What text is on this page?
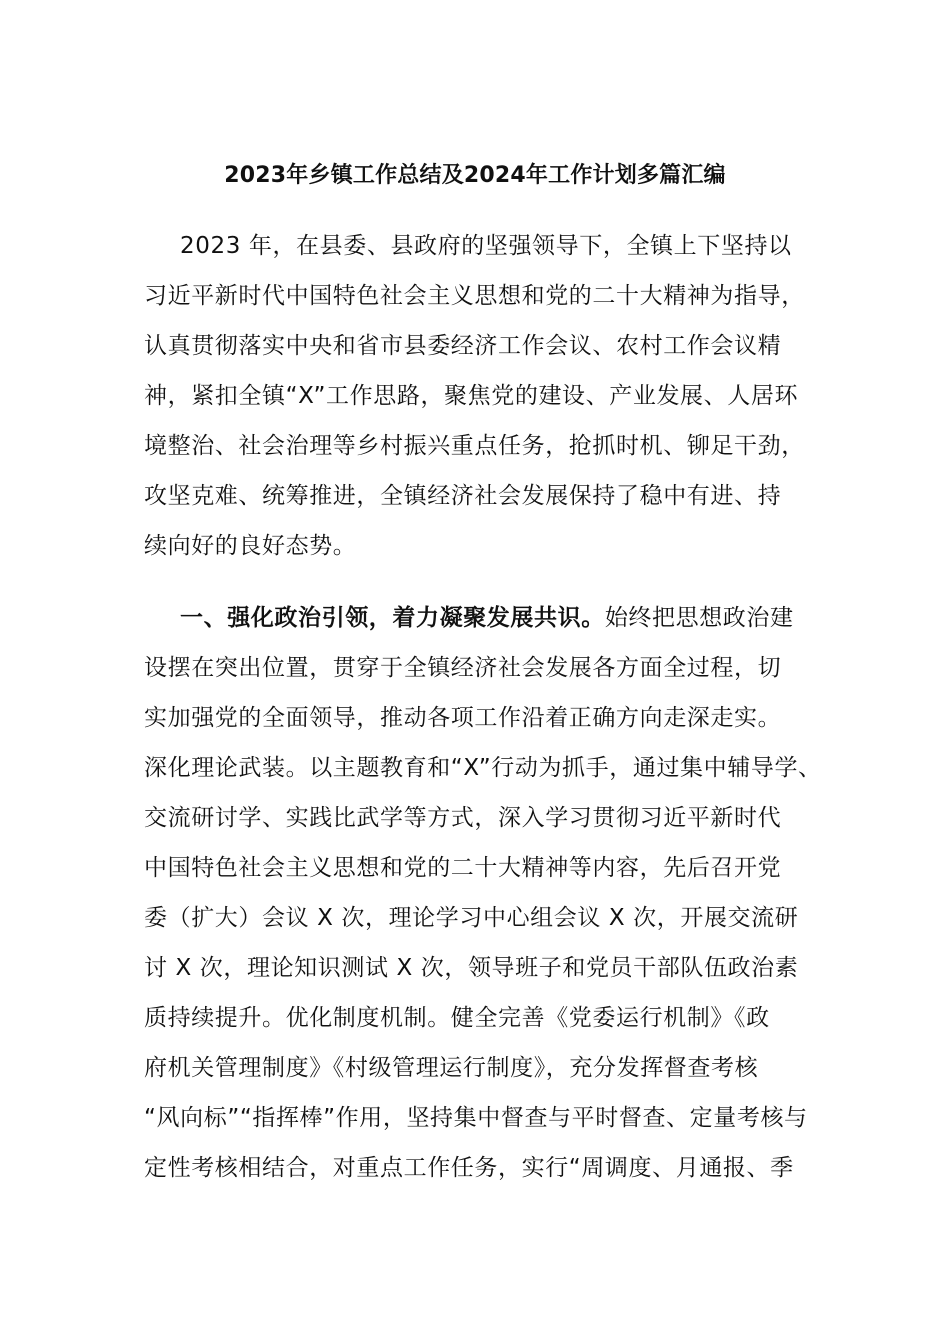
2023年乡镇工作总结及2024年工作计划多篇汇编
2023 年，在县委、县政府的坚强领导下，全镇上下坚持以
习近平新时代中国特色社会主义思想和党的二十大精神为指导，
认真贯彻落实中央和省市县委经济工作会议、农村工作会议精
神，紧扣全镇“X”工作思路，聚焦党的建设、产业发展、人居环
境整治、社会治理等乡村振兴重点任务，抢抓时机、铆足干劲，
攻坚克难、统筹推进，全镇经济社会发展保持了稳中有进、持
续向好的良好态势。
一、强化政治引领，着力凝聚发展共识。始终把思想政治建
设摆在突出位置，贯穿于全镇经济社会发展各方面全过程，切
实加强党的全面领导，推动各项工作沿着正确方向走深走实。
深化理论武装。以主题教育和“X”行动为抓手，通过集中辅导学、
交流研讨学、实践比武学等方式，深入学习贯彻习近平新时代
中国特色社会主义思想和党的二十大精神等内容，先后召开党
委（扩大）会议 X 次，理论学习中心组会议 X 次，开展交流研
讨 X 次，理论知识测试 X 次，领导班子和党员干部队伍政治素
质持续提升。优化制度机制。健全完善《党委运行机制》《政
府机关管理制度》《村级管理运行制度》，充分发挥督查考核
“风向标”“指挥棒”作用，坚持集中督查与平时督查、定量考核与
定性考核相结合，对重点工作任务，实行“周调度、月通报、季
